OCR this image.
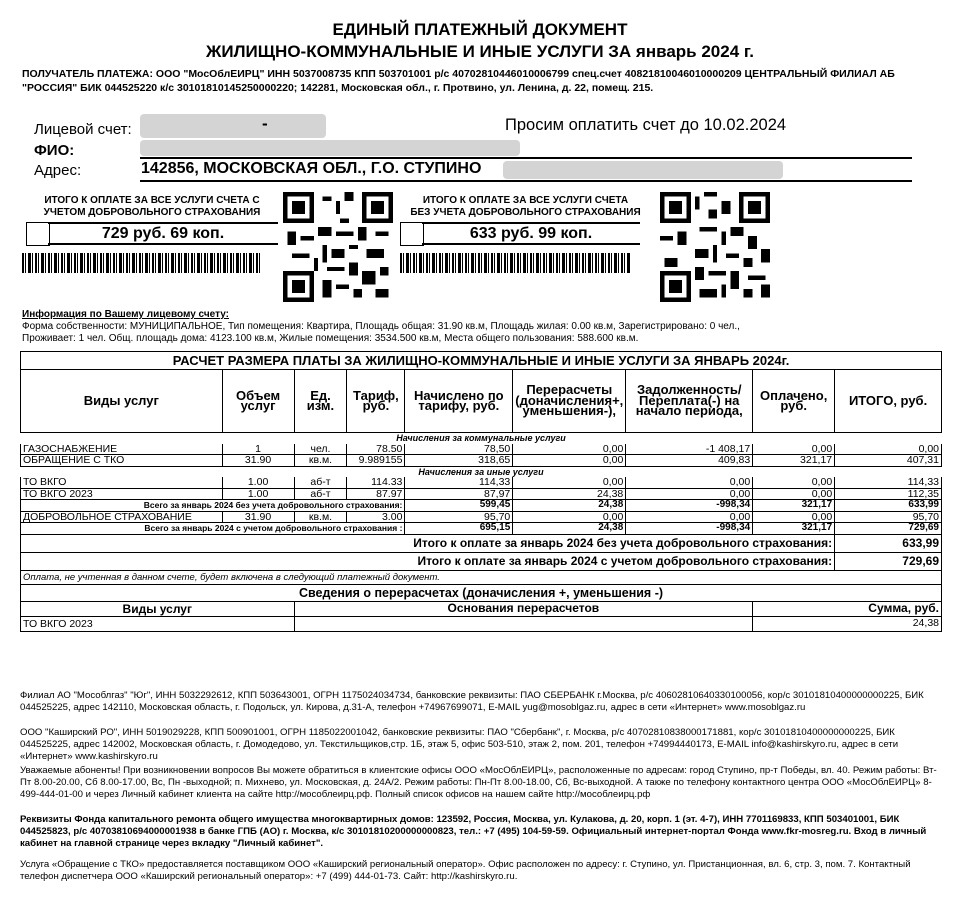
ЕДИНЫЙ ПЛАТЕЖНЫЙ ДОКУМЕНТ
ЖИЛИЩНО-КОММУНАЛЬНЫЕ И ИНЫЕ УСЛУГИ ЗА январь 2024 г.
ПОЛУЧАТЕЛЬ ПЛАТЕЖА: ООО "МосОблЕИРЦ" ИНН 5037008735 КПП 503701001 р/с 40702810446010006799 спец.счет 40821810046010000209 ЦЕНТРАЛЬНЫЙ ФИЛИАЛ АБ
"РОССИЯ" БИК 044525220 к/с 30101810145250000220; 142281, Московская обл., г. Протвино, ул. Ленина, д. 22, помещ. 215.
Лицевой счет:	-	Просим оплатить счет до 10.02.2024
ФИО:
Адрес:	142856, МОСКОВСКАЯ ОБЛ., Г.О. СТУПИНО
ИТОГО К ОПЛАТЕ ЗА ВСЕ УСЛУГИ СЧЕТА С
УЧЕТОМ ДОБРОВОЛЬНОГО СТРАХОВАНИЯ
729 руб. 69 коп.
ИТОГО К ОПЛАТЕ ЗА ВСЕ УСЛУГИ СЧЕТА
БЕЗ УЧЕТА ДОБРОВОЛЬНОГО СТРАХОВАНИЯ
633 руб. 99 коп.
Информация по Вашему лицевому счету:
Форма собственности: МУНИЦИПАЛЬНОЕ, Тип помещения: Квартира, Площадь общая: 31.90 кв.м, Площадь жилая: 0.00 кв.м, Зарегистрировано: 0 чел.,
Проживает: 1 чел. Общ. площадь дома: 4123.100 кв.м, Жилые помещения: 3534.500 кв.м, Места общего пользования: 588.600 кв.м.
РАСЧЕТ РАЗМЕРА ПЛАТЫ ЗА ЖИЛИЩНО-КОММУНАЛЬНЫЕ И ИНЫЕ УСЛУГИ ЗА ЯНВАРЬ 2024г.								
Виды услуг	Объем услуг	Ед. изм.	Тариф, руб.	Начислено по тарифу, руб.	Перерасчеты (доначисления+, уменьшения-),	Задолженность/ Переплата(-) на начало периода,	Оплачено, руб.	ИТОГО, руб.
Начисления за коммунальные услуги								
ГАЗОСНАБЖЕНИЕ	1	чел.	78.50	78,50	0,00	-1 408,17	0,00	0,00
ОБРАЩЕНИЕ С ТКО	31.90	кв.м.	9.989155	318,65	0,00	409,83	321,17	407,31
Начисления за иные услуги								
ТО ВКГО	1.00	аб-т	114.33	114,33	0,00	0,00	0,00	114,33
ТО ВКГО 2023	1.00	аб-т	87.97	87,97	24,38	0,00	0,00	112,35
Всего за январь 2024 без учета добровольного страхования:				599,45	24,38	-998,34	321,17	633,99
ДОБРОВОЛЬНОЕ СТРАХОВАНИЕ	31.90	кв.м.	3.00	95,70	0,00	0,00	0,00	95,70
Всего за январь 2024 с учетом добровольного страхования :				695,15	24,38	-998,34	321,17	729,69
Итого к оплате за январь 2024 без учета добровольного страхования:								633,99
Итого к оплате за январь 2024 с учетом добровольного страхования:								729,69
Оплата, не учтенная в данном счете, будет включена в следующий платежный документ.								
Сведения о перерасчетах (доначисления +, уменьшения -)								
Виды услуг		Основания перерасчетов					Сумма, руб.	
ТО ВКГО 2023							24,38	
Филиал АО "Мособлгаз" "Юг", ИНН 5032292612, КПП 503643001, ОГРН 1175024034734, банковские реквизиты: ПАО СБЕРБАНК г.Москва, р/с 40602810640330100056, кор/с 30101810400000000225, БИК 044525225, адрес 142110, Московская область, г. Подольск, ул. Кирова, д.31-А, телефон +74967699071, E-MAIL yug@mosoblgaz.ru, адрес в сети «Интернет» www.mosoblgaz.ru
ООО "Каширский РО", ИНН 5019029228, КПП 500901001, ОГРН 1185022001042, банковские реквизиты: ПАО "Сбербанк", г. Москва, р/с 40702810838000171881, кор/с 30101810400000000225, БИК 044525225, адрес 142002, Московская область, г. Домодедово, ул. Текстильщиков,стр. 1Б, этаж 5, офис 503-510, этаж 2, пом. 201, телефон +74994440173, E-MAIL info@kashirskyro.ru, адрес в сети «Интернет» www.kashirskyro.ru
Уважаемые абоненты! При возникновении вопросов Вы можете обратиться в клиентские офисы ООО «МосОблЕИРЦ», расположенные по адресам: город Ступино, пр-т Победы, вл. 40. Режим работы: Вт-Пт 8.00-20.00, Сб 8.00-17.00, Вс, Пн -выходной; п. Михнево, ул. Московская, д. 24А/2. Режим работы: Пн-Пт 8.00-18.00, Сб, Вс-выходной. А также по телефону контактного центра ООО «МосОблЕИРЦ» 8-499-444-01-00 и через Личный кабинет клиента на сайте http://мособлеирц.рф. Полный список офисов на нашем сайте http://мособлеирц.рф
Реквизиты Фонда капитального ремонта общего имущества многоквартирных домов: 123592, Россия, Москва, ул. Кулакова, д. 20, корп. 1 (эт. 4-7), ИНН 7701169833, КПП 503401001, БИК 044525823, р/с 40703810694000001938 в банке ГПБ (АО) г. Москва, к/с 30101810200000000823, тел.: +7 (495) 104-59-59. Официальный интернет-портал Фонда www.fkr-mosreg.ru. Вход в личный кабинет на главной странице через вкладку "Личный кабинет".
Услуга «Обращение с ТКО» предоставляется поставщиком ООО «Каширский региональный оператор». Офис расположен по адресу: г. Ступино, ул. Пристанционная, вл. 6, стр. 3, пом. 7. Контактный телефон диспетчера ООО «Каширский региональный оператор»: +7 (499) 444-01-73. Сайт: http://kashirskyro.ru.
